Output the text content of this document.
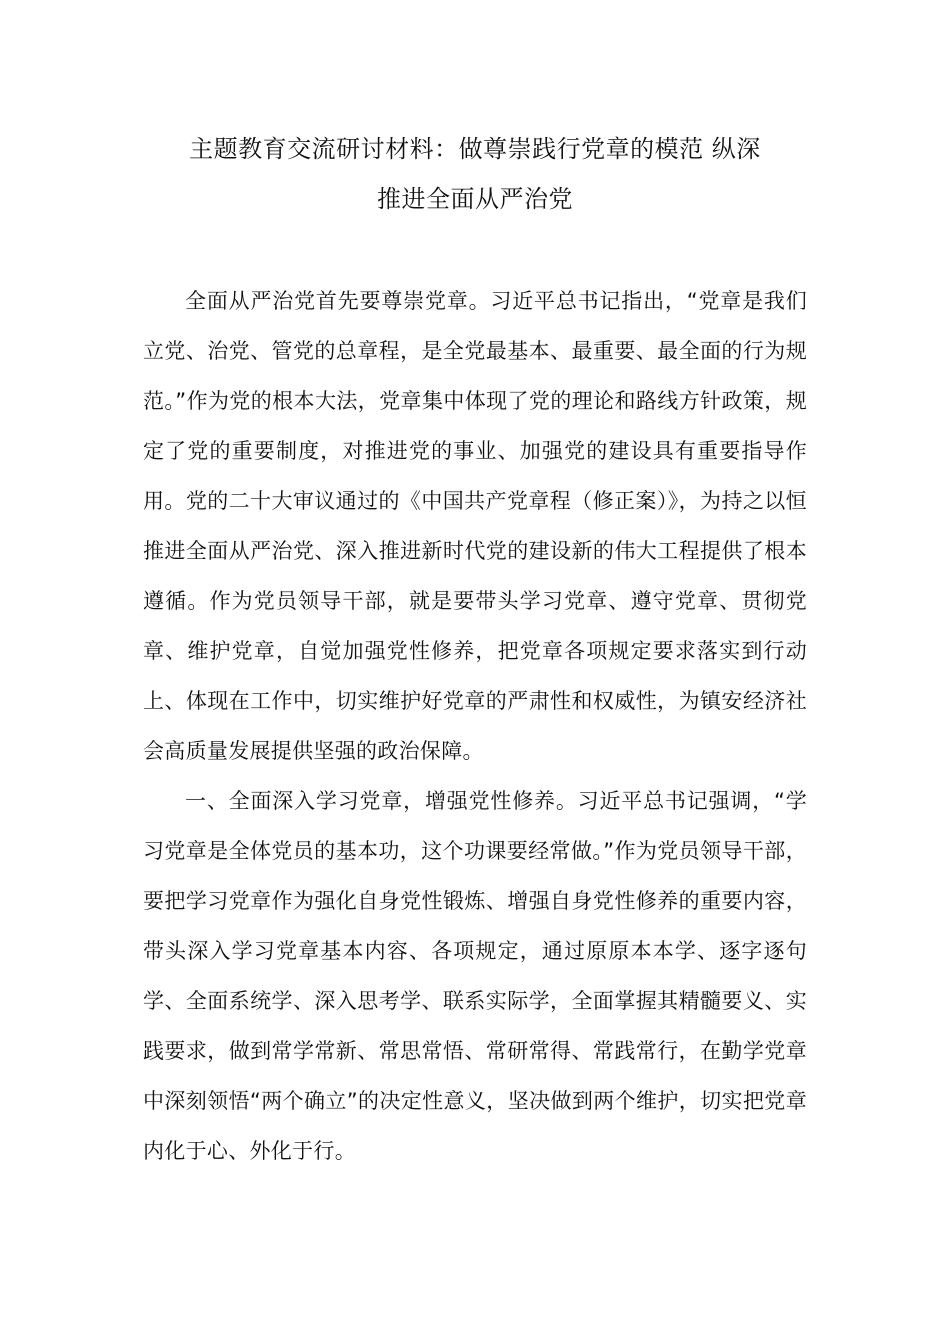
主题教育交流研讨材料：做尊崇践行党章的模范 纵深
推进全面从严治党

全面从严治党首先要尊崇党章。习近平总书记指出，“党章是我们立党、治党、管党的总章程，是全党最基本、最重要、最全面的行为规范。”作为党的根本大法，党章集中体现了党的理论和路线方针政策，规定了党的重要制度，对推进党的事业、加强党的建设具有重要指导作用。党的二十大审议通过的《中国共产党章程（修正案）》，为持之以恒推进全面从严治党、深入推进新时代党的建设新的伟大工程提供了根本遵循。作为党员领导干部，就是要带头学习党章、遵守党章、贯彻党章、维护党章，自觉加强党性修养，把党章各项规定要求落实到行动上、体现在工作中，切实维护好党章的严肃性和权威性，为镇安经济社会高质量发展提供坚强的政治保障。

一、全面深入学习党章，增强党性修养。习近平总书记强调，“学习党章是全体党员的基本功，这个功课要经常做。”作为党员领导干部，要把学习党章作为强化自身党性锻炼、增强自身党性修养的重要内容，带头深入学习党章基本内容、各项规定，通过原原本本学、逐字逐句学、全面系统学、深入思考学、联系实际学，全面掌握其精髓要义、实践要求，做到常学常新、常思常悟、常研常得、常践常行，在勤学党章中深刻领悟“两个确立”的决定性意义，坚决做到两个维护，切实把党章内化于心、外化于行。
